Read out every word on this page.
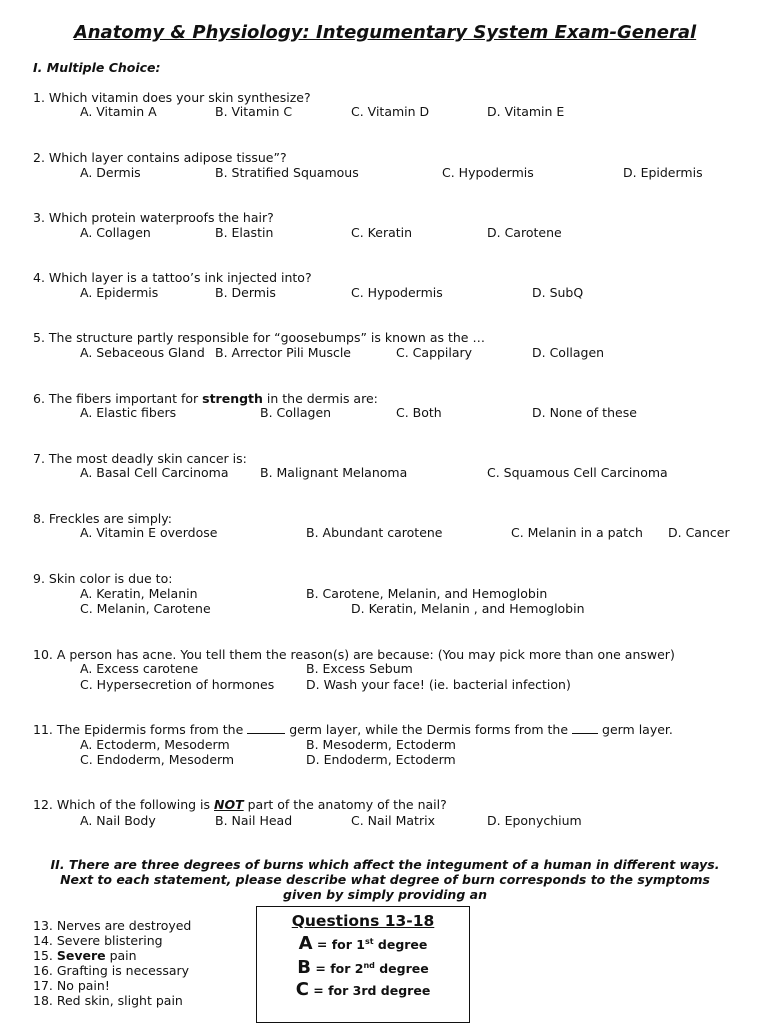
Anatomy & Physiology: Integumentary System Exam-General
I. Multiple Choice:
1. Which vitamin does your skin synthesize?
A. Vitamin A	B. Vitamin C	C. Vitamin D	D. Vitamin E
2. Which layer contains adipose tissue”?
A. Dermis	B. Stratified Squamous	C. Hypodermis	D. Epidermis
3. Which protein waterproofs the hair?
A. Collagen	B. Elastin	C. Keratin	D. Carotene
4. Which layer is a tattoo’s ink injected into?
A. Epidermis	B. Dermis	C. Hypodermis	D. SubQ
5. The structure partly responsible for “goosebumps” is known as the …
A. Sebaceous Gland B. Arrector Pili Muscle	C. Cappilary	D. Collagen
6. The fibers important for strength in the dermis are:
A. Elastic fibers	B. Collagen	C. Both	D. None of these
7. The most deadly skin cancer is:
A. Basal Cell Carcinoma	B. Malignant Melanoma	C. Squamous Cell Carcinoma
8. Freckles are simply:
A. Vitamin E overdose	B. Abundant carotene	C. Melanin in a patch D. Cancer
9. Skin color is due to:
A. Keratin, Melanin	B. Carotene, Melanin, and Hemoglobin
C. Melanin, Carotene	D. Keratin, Melanin , and Hemoglobin
10. A person has acne. You tell them the reason(s) are because: (You may pick more than one answer)
A. Excess carotene	B. Excess Sebum
C. Hypersecretion of hormones	D. Wash your face! (ie. bacterial infection)
11. The Epidermis forms from the	germ layer, while the Dermis forms from the  germ layer.
A. Ectoderm, Mesoderm	B. Mesoderm, Ectoderm
C. Endoderm, Mesoderm	D. Endoderm, Ectoderm
12. Which of the following is NOT part of the anatomy of the nail?
A. Nail Body	B. Nail Head	C. Nail Matrix	D. Eponychium
II. There are three degrees of burns which affect the integument of a human in different ways.
Next to each statement, please describe what degree of burn corresponds to the symptoms
given by simply providing an
13. Nerves are destroyed
14. Severe blistering
15. Severe pain
16. Grafting is necessary
17. No pain!
18. Red skin, slight pain
Questions 13-18
A = for 1st degree
B = for 2nd degree
C = for 3rd degree
